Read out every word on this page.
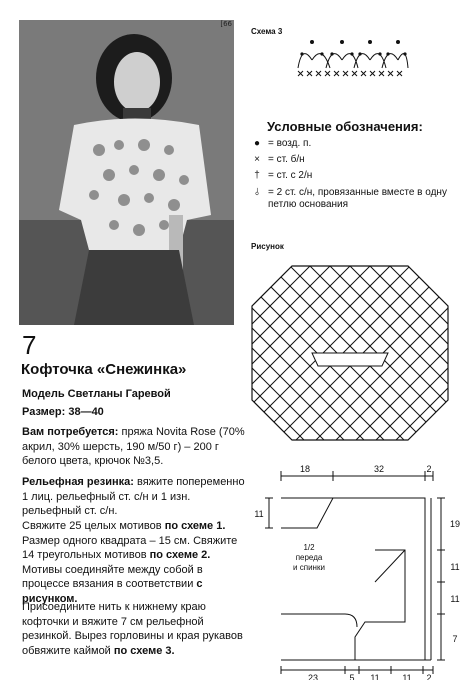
[66
7
Кофточка «Снежинка»
Модель Светланы Гаревой
Размер: 38—40
Вам потребуется: пряжа Novita Rose (70% акрил, 30% шерсть, 190 м/50 г) – 200 г белого цвета, крючок №3,5.
Рельефная резинка: вяжите попеременно 1 лиц. рельефный ст. с/н и 1 изн. рельефный ст. с/н.
Свяжите 25 целых мотивов по схеме 1. Размер одного квадрата – 15 см. Свяжите 14 треугольных мотивов по схеме 2. Мотивы соединяйте между собой в процессе вязания в соответствии с рисунком.
Присоедините нить к нижнему краю кофточки и вяжите 7 см рельефной резинкой. Вырез горловины и края рукавов обвяжите каймой по схеме 3.
Схема 3
Условные обозначения:
● = возд. п.
× = ст. б/н
† = ст. с 2/н
⫰ = 2 ст. с/н, провязанные вместе в одну петлю основания
Рисунок
18	32	2
11
19
11
11
7
23	5 11	11 2
1/2
переда
и спинки
